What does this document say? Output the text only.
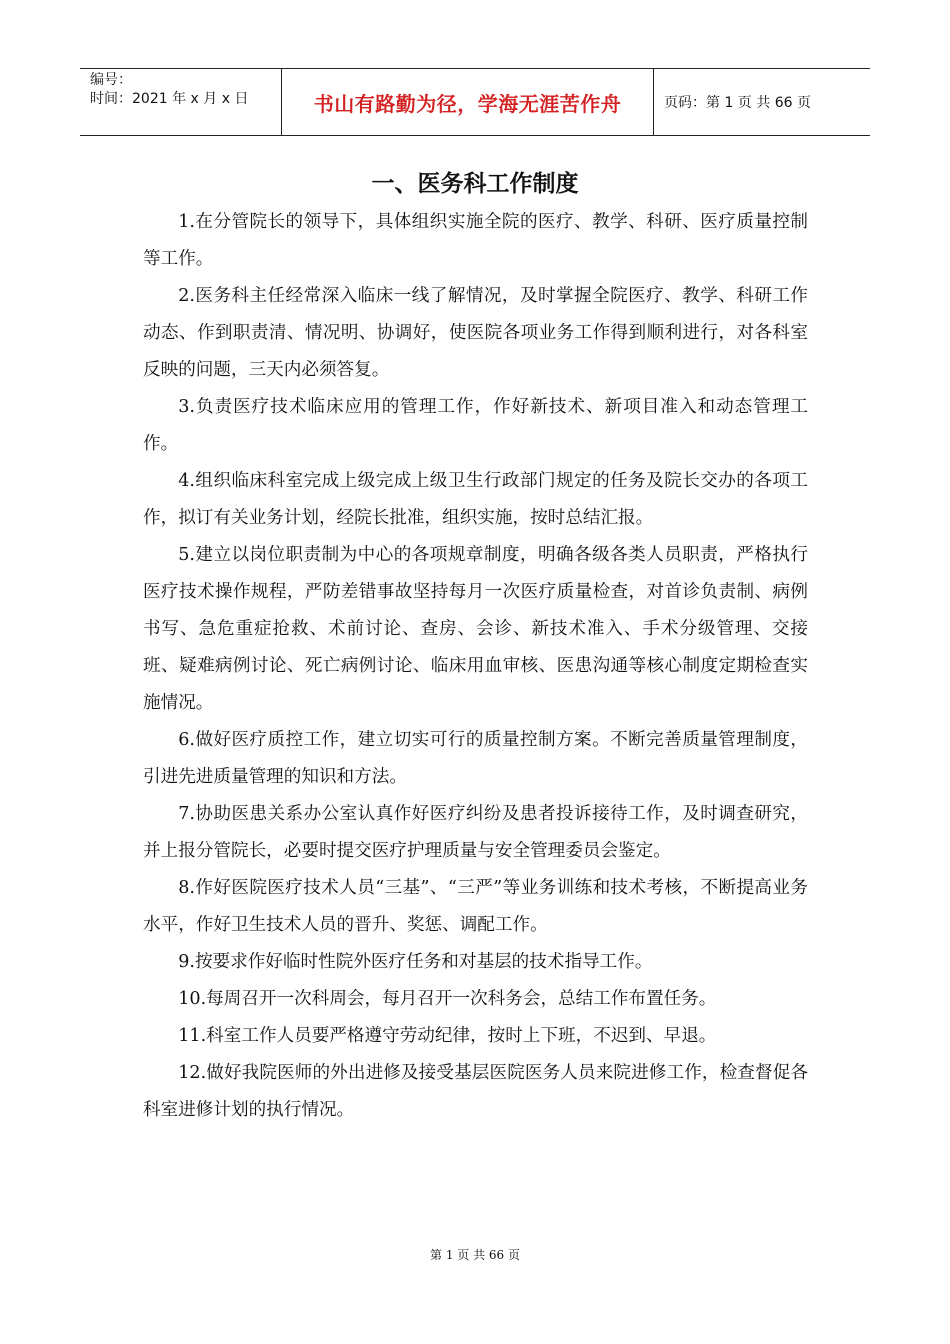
编号：
时间：2021 年 x 月 x 日	书山有路勤为径，学海无涯苦作舟	页码：第 1 页 共 66 页
一、医务科工作制度

1.在分管院长的领导下，具体组织实施全院的医疗、教学、科研、医疗质量控制等工作。

2.医务科主任经常深入临床一线了解情况，及时掌握全院医疗、教学、科研工作动态、作到职责清、情况明、协调好，使医院各项业务工作得到顺利进行，对各科室反映的问题，三天内必须答复。

3.负责医疗技术临床应用的管理工作，作好新技术、新项目准入和动态管理工作。

4.组织临床科室完成上级完成上级卫生行政部门规定的任务及院长交办的各项工作，拟订有关业务计划，经院长批准，组织实施，按时总结汇报。

5.建立以岗位职责制为中心的各项规章制度，明确各级各类人员职责，严格执行医疗技术操作规程，严防差错事故坚持每月一次医疗质量检查，对首诊负责制、病例书写、急危重症抢救、术前讨论、查房、会诊、新技术准入、手术分级管理、交接班、疑难病例讨论、死亡病例讨论、临床用血审核、医患沟通等核心制度定期检查实施情况。

6.做好医疗质控工作，建立切实可行的质量控制方案。不断完善质量管理制度，引进先进质量管理的知识和方法。

7.协助医患关系办公室认真作好医疗纠纷及患者投诉接待工作，及时调查研究，并上报分管院长，必要时提交医疗护理质量与安全管理委员会鉴定。

8.作好医院医疗技术人员“三基”、“三严”等业务训练和技术考核，不断提高业务水平，作好卫生技术人员的晋升、奖惩、调配工作。

9.按要求作好临时性院外医疗任务和对基层的技术指导工作。

10.每周召开一次科周会，每月召开一次科务会，总结工作布置任务。

11.科室工作人员要严格遵守劳动纪律，按时上下班，不迟到、早退。

12.做好我院医师的外出进修及接受基层医院医务人员来院进修工作，检查督促各科室进修计划的执行情况。

第 1 页 共 66 页
